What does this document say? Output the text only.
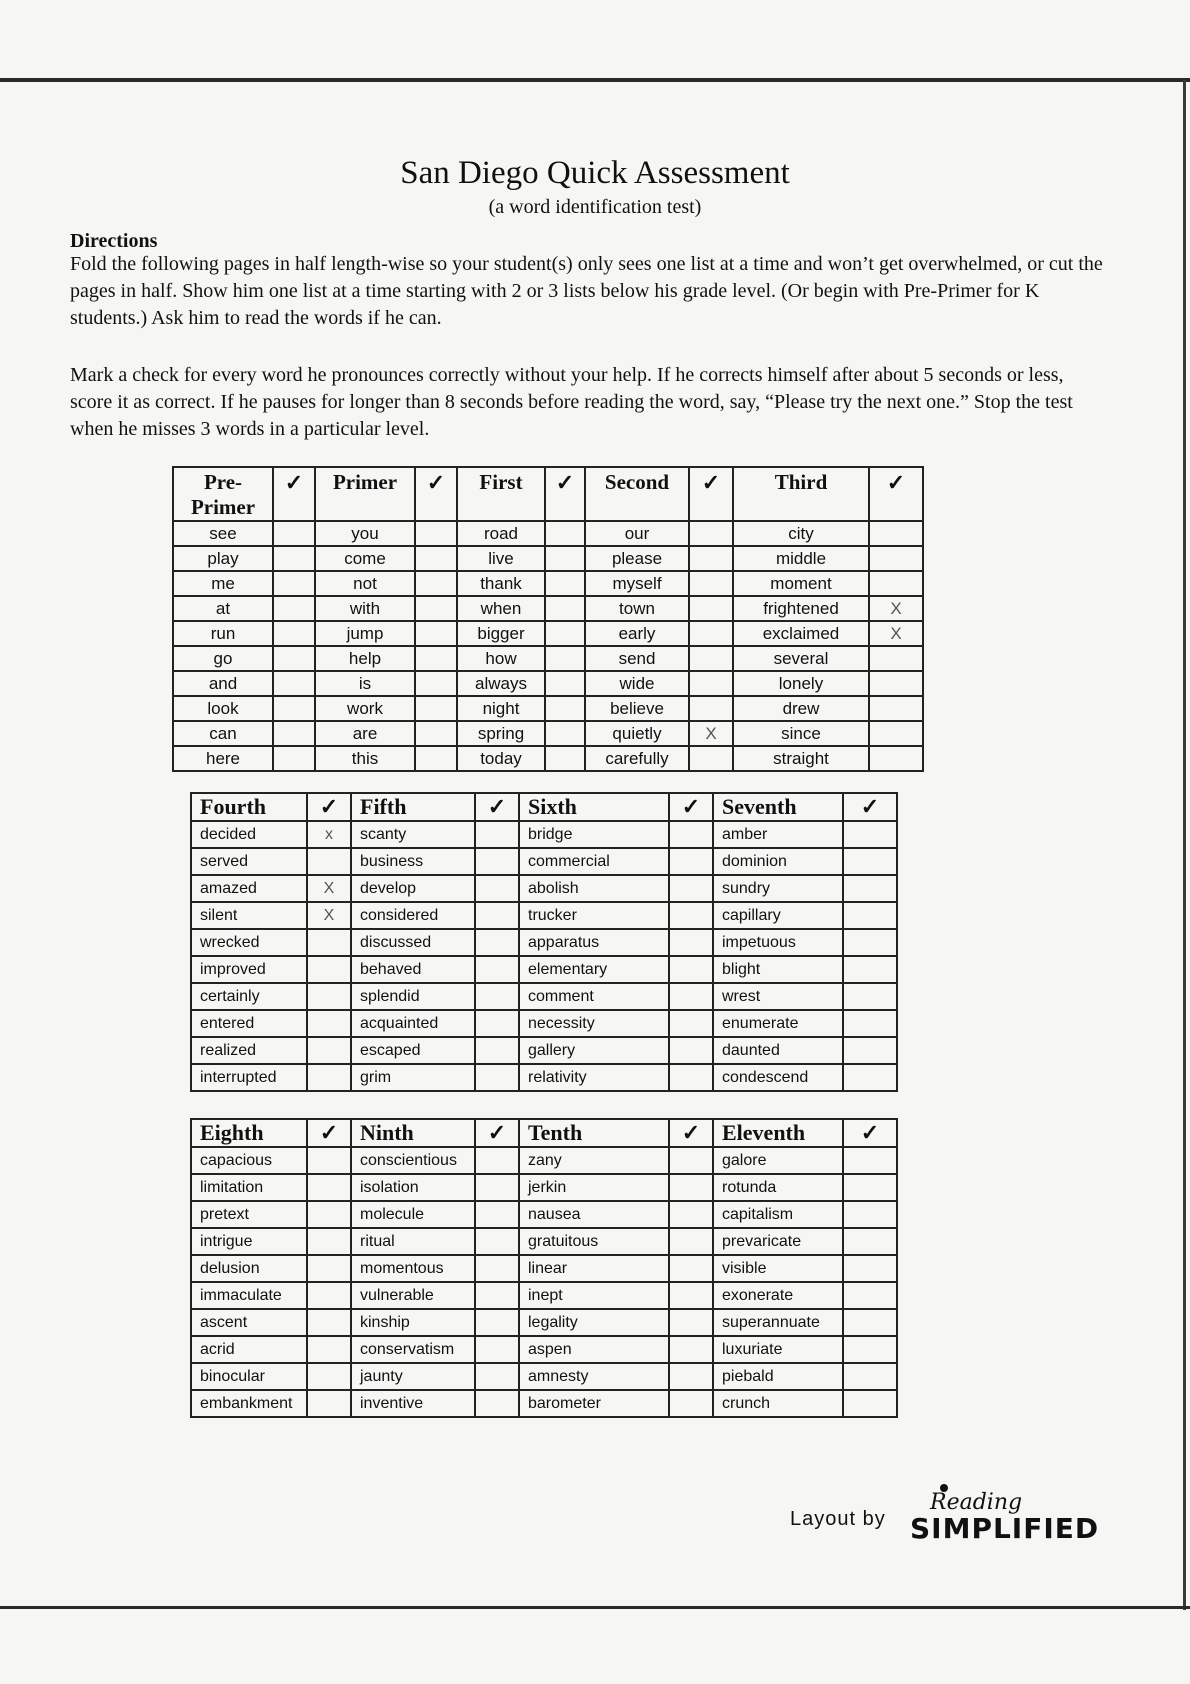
San Diego Quick Assessment
(a word identification test)
Directions
Fold the following pages in half length-wise so your student(s) only sees one list at a time and won’t get overwhelmed, or cut the pages in half. Show him one list at a time starting with 2 or 3 lists below his grade level. (Or begin with Pre-Primer for K students.) Ask him to read the words if he can.
Mark a check for every word he pronounces correctly without your help. If he corrects himself after about 5 seconds or less, score it as correct. If he pauses for longer than 8 seconds before reading the word, say, “Please try the next one.” Stop the test when he misses 3 words in a particular level.
Pre-Primer	✓	Primer	✓	First	✓	Second	✓	Third	✓
see		you		road		our		city	
play		come		live		please		middle	
me		not		thank		myself		moment	
at		with		when		town		frightened	X
run		jump		bigger		early		exclaimed	X
go		help		how		send		several	
and		is		always		wide		lonely	
look		work		night		believe		drew	
can		are		spring		quietly	X	since	
here		this		today		carefully		straight	
Fourth	✓	Fifth	✓	Sixth	✓	Seventh	✓
decided	x	scanty		bridge		amber	
served		business		commercial		dominion	
amazed	X	develop		abolish		sundry	
silent	X	considered		trucker		capillary	
wrecked		discussed		apparatus		impetuous	
improved		behaved		elementary		blight	
certainly		splendid		comment		wrest	
entered		acquainted		necessity		enumerate	
realized		escaped		gallery		daunted	
interrupted		grim		relativity		condescend	
Eighth	✓	Ninth	✓	Tenth	✓	Eleventh	✓
capacious		conscientious		zany		galore	
limitation		isolation		jerkin		rotunda	
pretext		molecule		nausea		capitalism	
intrigue		ritual		gratuitous		prevaricate	
delusion		momentous		linear		visible	
immaculate		vulnerable		inept		exonerate	
ascent		kinship		legality		superannuate	
acrid		conservatism		aspen		luxuriate	
binocular		jaunty		amnesty		piebald	
embankment		inventive		barometer		crunch	
Layout by
Reading
SIMPLIFIED
